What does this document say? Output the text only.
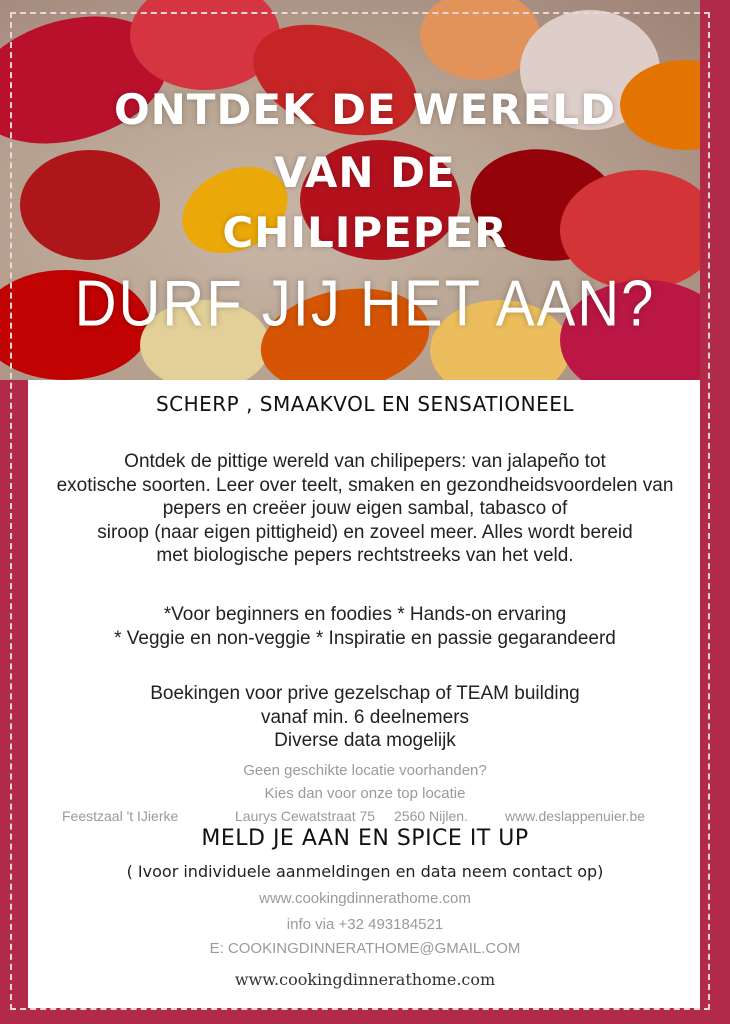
ONTDEK DE WERELD
VAN DE
CHILIPEPER
DURF JIJ HET AAN?
SCHERP , SMAAKVOL EN SENSATIONEEL
Ontdek de pittige wereld van chilipepers: van jalapeño tot
exotische soorten. Leer over teelt, smaken en gezondheidsvoordelen van
pepers en creëer jouw eigen sambal, tabasco of
siroop (naar eigen pittigheid) en zoveel meer. Alles wordt bereid
met biologische pepers rechtstreeks van het veld.
*Voor beginners en foodies * Hands-on ervaring
* Veggie en non-veggie * Inspiratie en passie gegarandeerd
Boekingen voor prive gezelschap of TEAM building
vanaf min. 6 deelnemers
Diverse data mogelijk
Geen geschikte locatie voorhanden?
Kies dan voor onze top locatie
Feestzaal 't IJierke	Laurys Cewatstraat 75 2560 Nijlen.	www.deslappenuier.be
MELD JE AAN EN SPICE IT UP
( Ivoor individuele aanmeldingen en data neem contact op)
www.cookingdinnerathome.com
info via +32 493184521
E: COOKINGDINNERATHOME@GMAIL.COM
www.cookingdinnerathome.com
